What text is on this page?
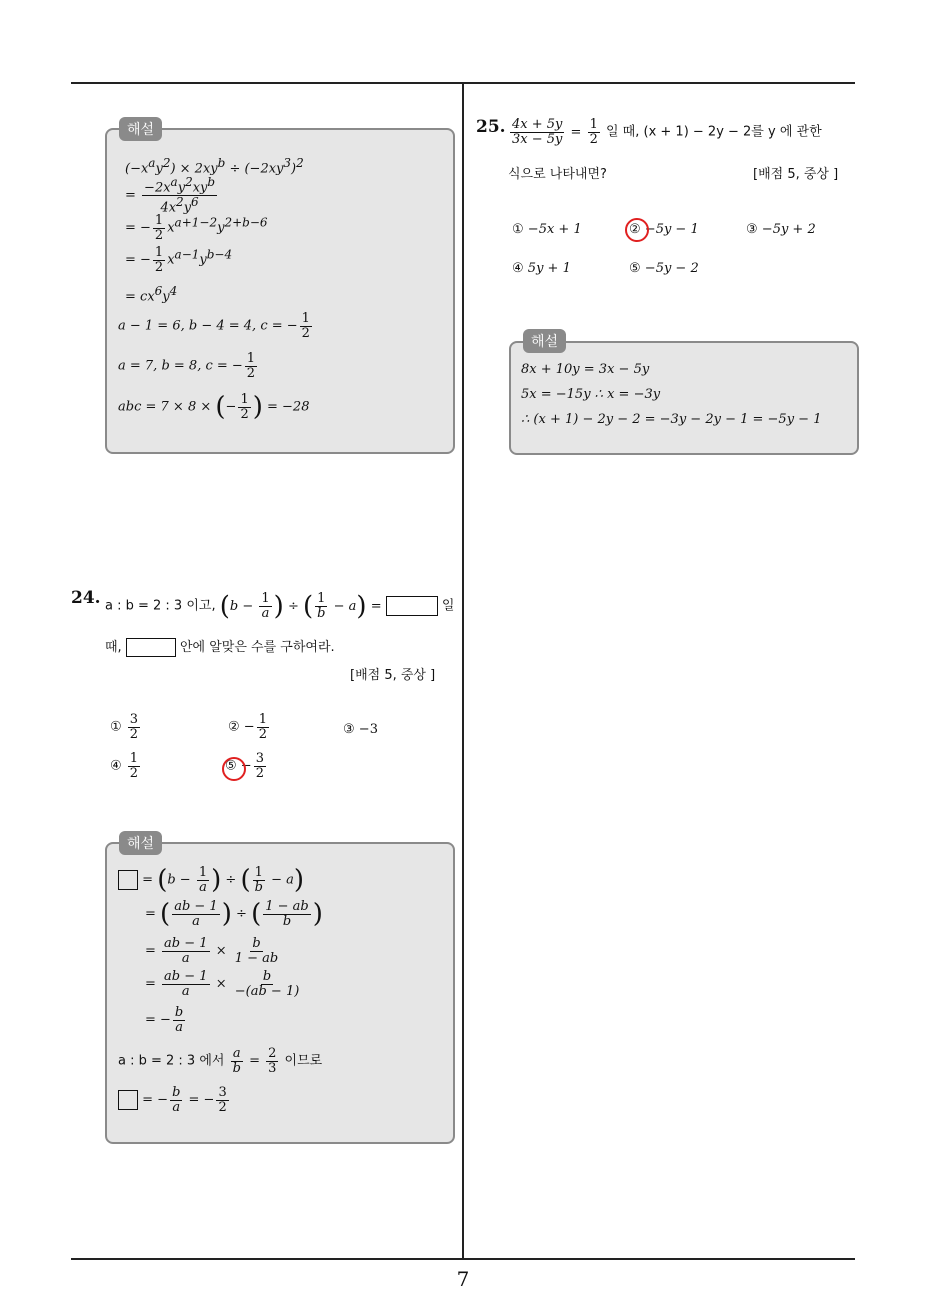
해설
$(-x^ay^2) \times 2xy^b \div (-2xy^3)^2$
= $\frac{-2x^ay^2xy^b}{4x^2y^6}$
= − $\frac{1}{2} x^{a+1-2}y^{2+b-6}$
= − $\frac{1}{2} x^{a-1}y^{b-4}$
= $cx^6y^4$
a − 1 = 6, b − 4 = 4, c = − $\frac{1}{2}$
a = 7, b = 8, c = − $\frac{1}{2}$
abc = 7 × 8 × (− $\frac{1}{2}$ ) = −28
24. a : b = 2 : 3 이고, ($b - \frac{1}{a}$ ) ÷ ( $\frac{1}{b} - a$) =	일
때,	안에 알맞은 수를 구하여라.
[배점 5, 중상 ]
① $\frac{3}{2}$	② − $\frac{1}{2}$	③ −3
④ $\frac{1}{2}$	⑤ − $\frac{3}{2}$
해설
= ($b - \frac{1}{a}$ ) ÷ ( $\frac{1}{b} - a$)
= ( $\frac{ab - 1}{a}$ ) ÷ ( $\frac{1 - ab}{b}$ )
= $\frac{ab - 1}{a} \times \frac{b}{1 - ab}$
= $\frac{ab - 1}{a} \times \frac{b}{-(ab - 1)}$
= − $\frac{b}{a}$
a : b = 2 : 3 에서 $\frac{a}{b} = \frac{2}{3}$ 이므로
= − $\frac{b}{a}$ = − $\frac{3}{2}$
25. $\frac{4x + 5y}{3x - 5y} = \frac{1}{2}$ 일 때, (x + 1) − 2y − 2를 y 에 관한
식으로 나타내면?	[배점 5, 중상 ]
① −5x + 1	② −5y − 1	③ −5y + 2
④ 5y + 1	⑤ −5y − 2
해설
8x + 10y = 3x − 5y
5x = −15y ∴ x = −3y
∴ (x + 1) − 2y − 2 = −3y − 2y − 1 = −5y − 1
7
